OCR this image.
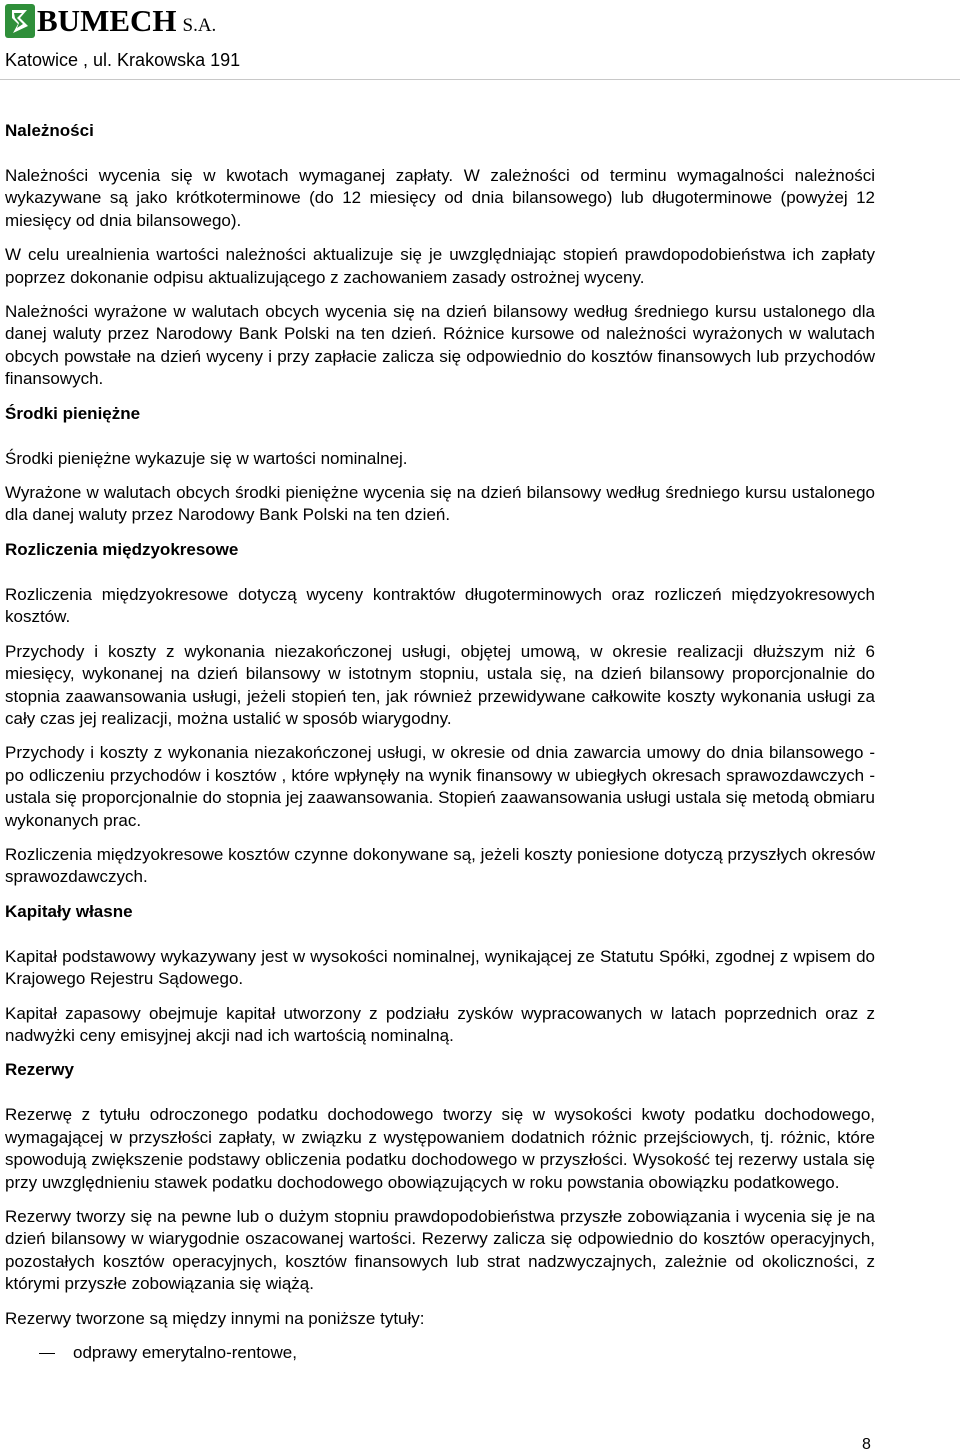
BUMECH S.A.
Katowice , ul. Krakowska 191
Należności

Należności wycenia się w kwotach wymaganej zapłaty. W zależności od terminu wymagalności należności wykazywane są jako krótkoterminowe (do 12 miesięcy od dnia bilansowego) lub długoterminowe (powyżej 12 miesięcy od dnia bilansowego).

W celu urealnienia wartości należności aktualizuje się je uwzględniając stopień prawdopodobieństwa ich zapłaty poprzez dokonanie odpisu aktualizującego z zachowaniem zasady ostrożnej wyceny.

Należności wyrażone w walutach obcych wycenia się na dzień bilansowy według średniego kursu ustalonego dla danej waluty przez Narodowy Bank Polski na ten dzień. Różnice kursowe od należności wyrażonych w walutach obcych powstałe na dzień wyceny i przy zapłacie zalicza się odpowiednio do kosztów finansowych lub przychodów finansowych.

Środki pieniężne

Środki pieniężne wykazuje się w wartości nominalnej.

Wyrażone w walutach obcych środki pieniężne wycenia się na dzień bilansowy według średniego kursu ustalonego dla danej waluty przez Narodowy Bank Polski na ten dzień.

Rozliczenia międzyokresowe

Rozliczenia międzyokresowe dotyczą wyceny kontraktów długoterminowych oraz rozliczeń międzyokresowych kosztów.

Przychody i koszty z wykonania niezakończonej usługi, objętej umową, w okresie realizacji dłuższym niż 6 miesięcy, wykonanej na dzień bilansowy w istotnym stopniu, ustala się, na dzień bilansowy proporcjonalnie do stopnia zaawansowania usługi, jeżeli stopień ten, jak również przewidywane całkowite koszty wykonania usługi za cały czas jej realizacji, można ustalić w sposób wiarygodny.

Przychody i koszty z wykonania niezakończonej usługi, w okresie od dnia zawarcia umowy do dnia bilansowego - po odliczeniu przychodów i kosztów , które wpłynęły na wynik finansowy w ubiegłych okresach sprawozdawczych - ustala się proporcjonalnie do stopnia jej zaawansowania. Stopień zaawansowania usługi ustala się metodą obmiaru wykonanych prac.

Rozliczenia międzyokresowe kosztów czynne dokonywane są, jeżeli koszty poniesione dotyczą przyszłych okresów sprawozdawczych.

Kapitały własne

Kapitał podstawowy wykazywany jest w wysokości nominalnej, wynikającej ze Statutu Spółki, zgodnej z wpisem do Krajowego Rejestru Sądowego.

Kapitał zapasowy obejmuje kapitał utworzony z podziału zysków wypracowanych w latach poprzednich oraz z nadwyżki ceny emisyjnej akcji nad ich wartością nominalną.

Rezerwy

Rezerwę z tytułu odroczonego podatku dochodowego tworzy się w wysokości kwoty podatku dochodowego, wymagającej w przyszłości zapłaty, w związku z występowaniem dodatnich różnic przejściowych, tj. różnic, które spowodują zwiększenie podstawy obliczenia podatku dochodowego w przyszłości. Wysokość tej rezerwy ustala się przy uwzględnieniu stawek podatku dochodowego obowiązujących w roku powstania obowiązku podatkowego.

Rezerwy tworzy się na pewne lub o dużym stopniu prawdopodobieństwa przyszłe zobowiązania i wycenia się je na dzień bilansowy w wiarygodnie oszacowanej wartości. Rezerwy zalicza się odpowiednio do kosztów operacyjnych, pozostałych kosztów operacyjnych, kosztów finansowych lub strat nadzwyczajnych, zależnie od okoliczności, z którymi przyszłe zobowiązania się wiążą.

Rezerwy tworzone są między innymi na poniższe tytuły:

odprawy emerytalno-rentowe,
8
